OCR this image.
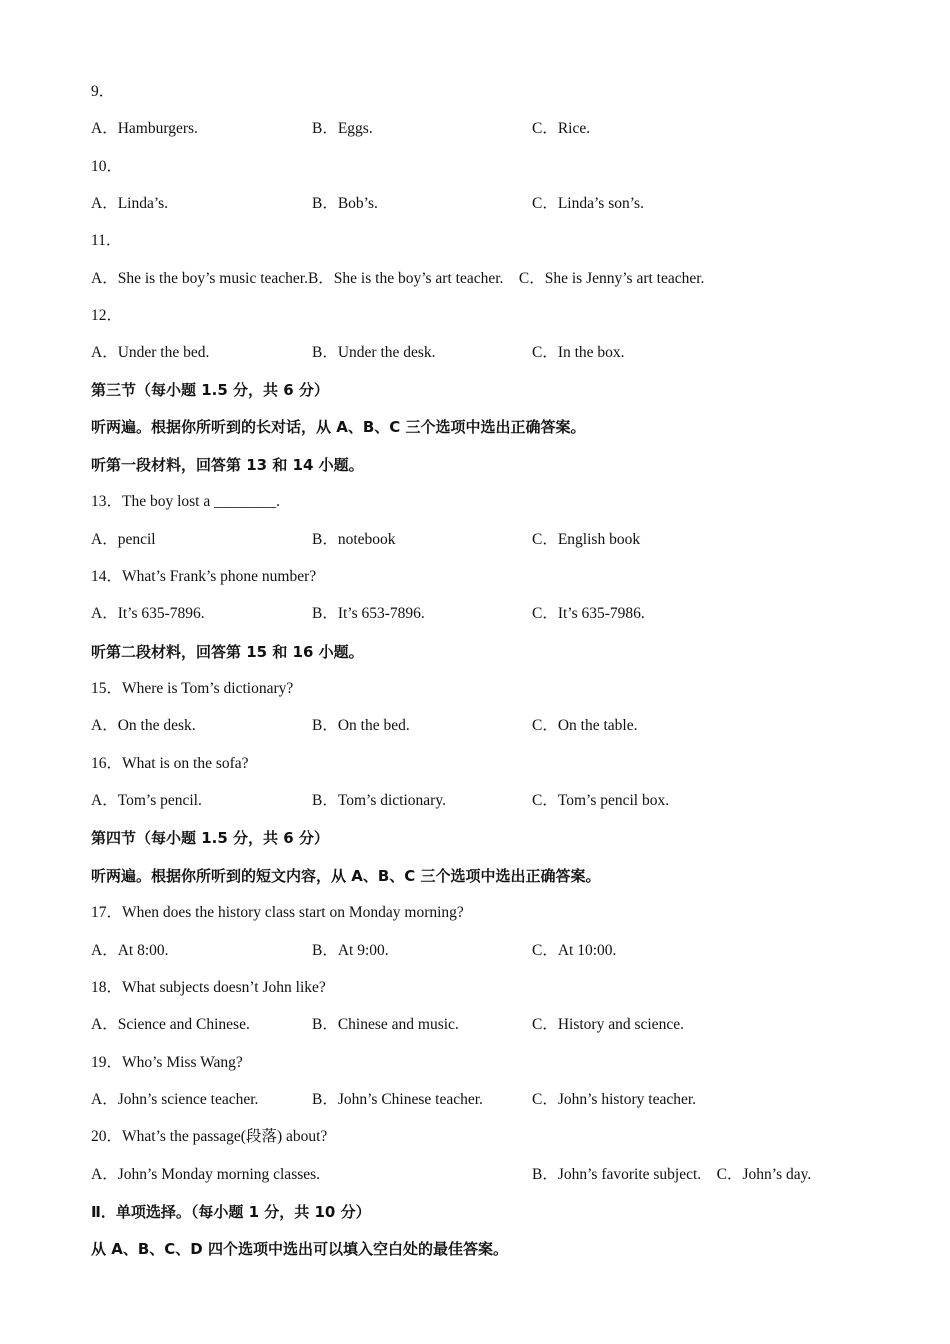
9．
A．Hamburgers.	B．Eggs.	C．Rice.
10．
A．Linda’s.	B．Bob’s.	C．Linda’s son’s.
11．
A．She is the boy’s music teacher.B．She is the boy’s art teacher.　C．She is Jenny’s art teacher.
12．
A．Under the bed.	B．Under the desk.	C．In the box.
第三节（每小题 1.5 分，共 6 分）
听两遍。根据你所听到的长对话，从 A、B、C 三个选项中选出正确答案。
听第一段材料，回答第 13 和 14 小题。
13．The boy lost a ________.
A．pencil	B．notebook	C．English book
14．What’s Frank’s phone number?
A．It’s 635-7896.	B．It’s 653-7896.	C．It’s 635-7986.
听第二段材料，回答第 15 和 16 小题。
15．Where is Tom’s dictionary?
A．On the desk.	B．On the bed.	C．On the table.
16．What is on the sofa?
A．Tom’s pencil.	B．Tom’s dictionary.	C．Tom’s pencil box.
第四节（每小题 1.5 分，共 6 分）
听两遍。根据你所听到的短文内容，从 A、B、C 三个选项中选出正确答案。
17．When does the history class start on Monday morning?
A．At 8:00.	B．At 9:00.	C．At 10:00.
18．What subjects doesn’t John like?
A．Science and Chinese.	B．Chinese and music.	C．History and science.
19．Who’s Miss Wang?
A．John’s science teacher.	B．John’s Chinese teacher.	C．John’s history teacher.
20．What’s the passage(段落) about?
A．John’s Monday morning classes.	B．John’s favorite subject.　C．John’s day.
Ⅱ．单项选择。（每小题 1 分，共 10 分）
从 A、B、C、D 四个选项中选出可以填入空白处的最佳答案。
